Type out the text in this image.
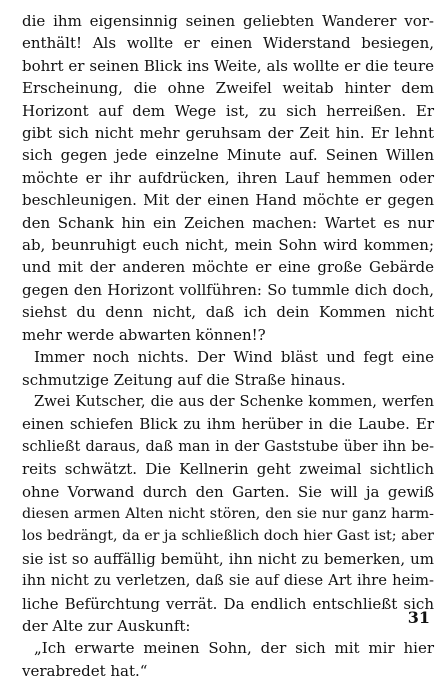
die ihm eigensinnig seinen geliebten Wanderer vor-
enthält! Als wollte er einen Widerstand besiegen,
bohrt er seinen Blick ins Weite, als wollte er die teure
Erscheinung, die ohne Zweifel weitab hinter dem
Horizont auf dem Wege ist, zu sich herreißen. Er
gibt sich nicht mehr geruhsam der Zeit hin. Er lehnt
sich gegen jede einzelne Minute auf. Seinen Willen
möchte er ihr aufdrücken, ihren Lauf hemmen oder
beschleunigen. Mit der einen Hand möchte er gegen
den Schank hin ein Zeichen machen: Wartet es nur
ab, beunruhigt euch nicht, mein Sohn wird kommen;
und mit der anderen möchte er eine große Gebärde
gegen den Horizont vollführen: So tummle dich doch,
siehst du denn nicht, daß ich dein Kommen nicht
mehr werde abwarten können!?
Immer noch nichts. Der Wind bläst und fegt eine
schmutzige Zeitung auf die Straße hinaus.
Zwei Kutscher, die aus der Schenke kommen, werfen
einen schiefen Blick zu ihm herüber in die Laube. Er
schließt daraus, daß man in der Gaststube über ihn be-
reits schwätzt. Die Kellnerin geht zweimal sichtlich
ohne Vorwand durch den Garten. Sie will ja gewiß
diesen armen Alten nicht stören, den sie nur ganz harm-
los bedrängt, da er ja schließlich doch hier Gast ist; aber
sie ist so auffällig bemüht, ihn nicht zu bemerken, um
ihn nicht zu verletzen, daß sie auf diese Art ihre heim-
liche Befürchtung verrät. Da endlich entschließt sich
der Alte zur Auskunft:
„Ich erwarte meinen Sohn, der sich mit mir hier
verabredet hat.“
31
